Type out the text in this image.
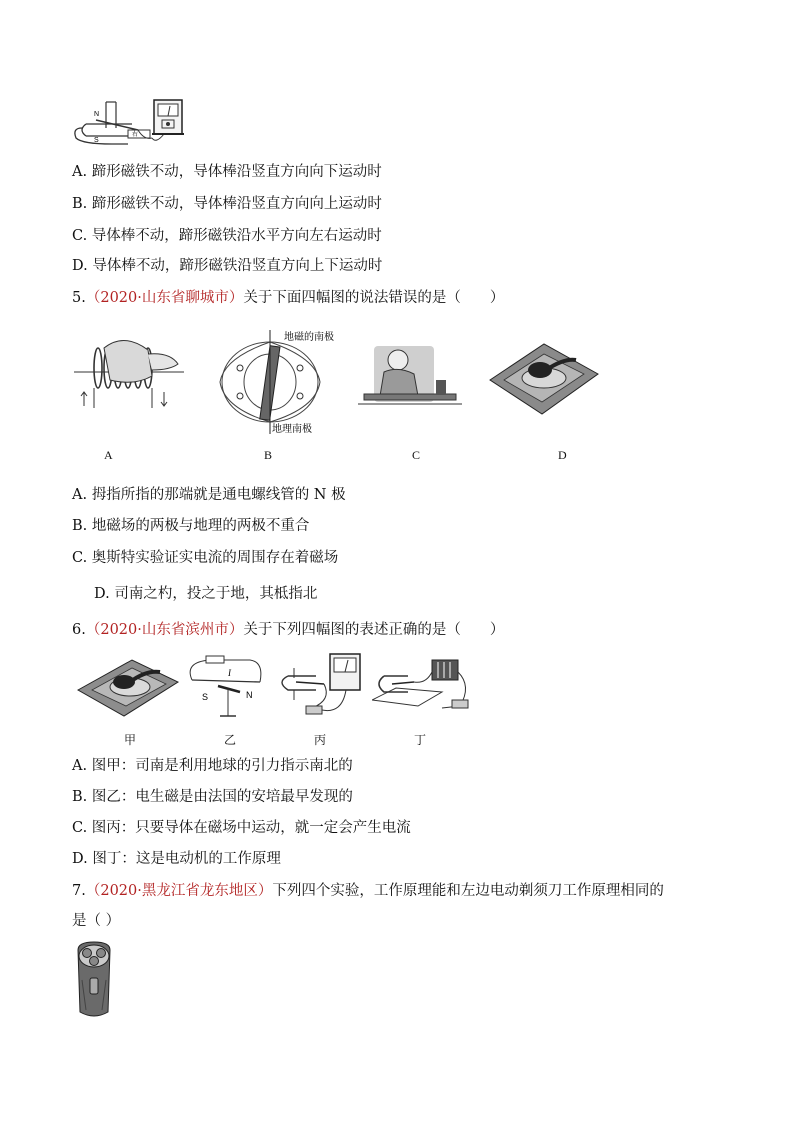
N
S
右
A. 蹄形磁铁不动，导体棒沿竖直方向向下运动时
B. 蹄形磁铁不动，导体棒沿竖直方向向上运动时
C. 导体棒不动，蹄形磁铁沿水平方向左右运动时
D. 导体棒不动，蹄形磁铁沿竖直方向上下运动时
5.（2020·山东省聊城市）关于下面四幅图的说法错误的是（　　）
地磁的南极
地理南极
A	B	C	D
A. 拇指所指的那端就是通电螺线管的 N 极
B. 地磁场的两极与地理的两极不重合
C. 奥斯特实验证实电流的周围存在着磁场
D. 司南之杓，投之于地，其柢指北
6.（2020·山东省滨州市）关于下列四幅图的表述正确的是（　　）
I
S	N
甲	乙	丙	丁
A. 图甲：司南是利用地球的引力指示南北的
B. 图乙：电生磁是由法国的安培最早发现的
C. 图丙：只要导体在磁场中运动，就一定会产生电流
D. 图丁：这是电动机的工作原理
7.（2020·黑龙江省龙东地区）下列四个实验，工作原理能和左边电动剃须刀工作原理相同的
是（ ）
